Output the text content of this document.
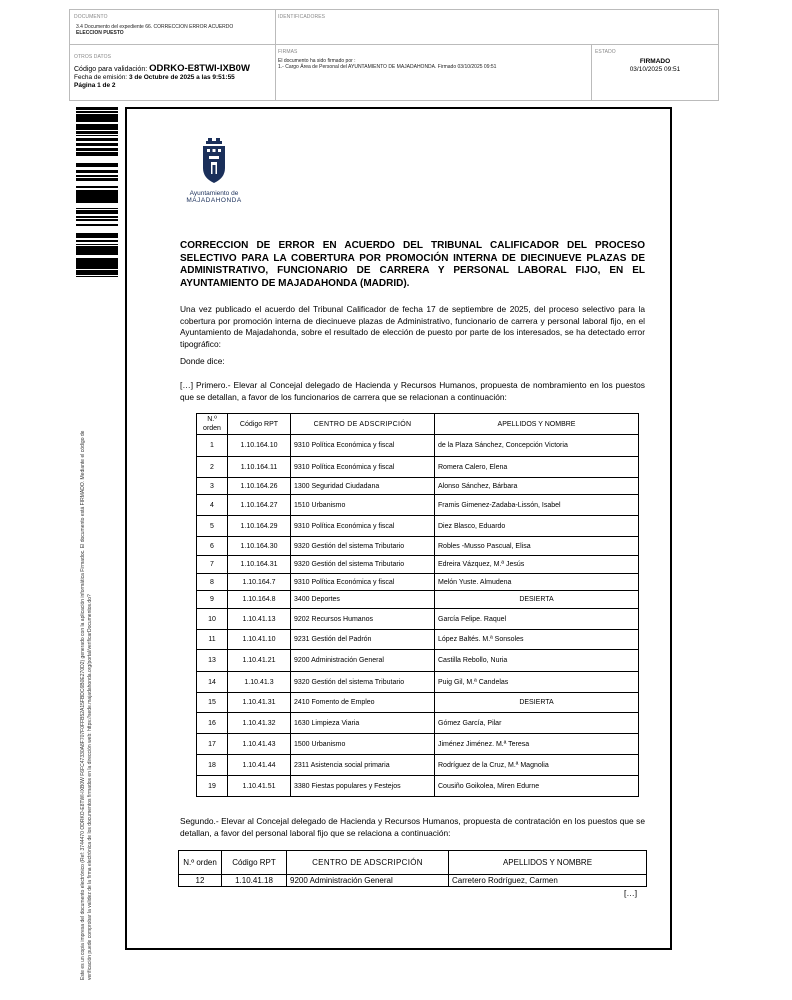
DOCUMENTO
3.4 Documento del expediente 66. CORRECCION ERROR ACUERDO
ELECCION PUESTO
IDENTIFICADORES
OTROS DATOS
Código para validación: ODRKO-E8TWI-IXB0W
Fecha de emisión: 3 de Octubre de 2025 a las 9:51:55
Página 1 de 2
FIRMAS
El documento ha sido firmado por :
1.- Cargo Área de Personal del AYUNTAMIENTO DE MAJADAHONDA. Firmado 03/10/2025 09:51
ESTADO
FIRMADO
03/10/2025 09:51
Este es un copia impresa del documento electrónico (Ref: 3744470 ODRKO-E8TWI-IXB0W F6FC47330A8F707F0FFB52A15FBDC6B0E270D2) generado con la aplicación informática Firmadoc. El documento está FIRMADO. Mediante el código de verificación puede comprobar la validez de la firma electrónica de los documentos firmados en la dirección web: https://sede.majadahonda.org/portal/verificarDocumentos.do?
Ayuntamiento de
MAJADAHONDA
CORRECCION DE ERROR EN ACUERDO DEL TRIBUNAL CALIFICADOR DEL PROCESO SELECTIVO PARA LA COBERTURA POR PROMOCIÓN INTERNA DE DIECINUEVE PLAZAS DE ADMINISTRATIVO, FUNCIONARIO DE CARRERA Y PERSONAL LABORAL FIJO, EN EL AYUNTAMIENTO DE MAJADAHONDA (MADRID).
Una vez publicado el acuerdo del Tribunal Calificador de fecha 17 de septiembre de 2025, del proceso selectivo para la cobertura por promoción interna de diecinueve plazas de Administrativo, funcionario de carrera y personal laboral fijo, en el Ayuntamiento de Majadahonda, sobre el resultado de elección de puesto por parte de los interesados, se ha detectado error tipográfico:
Donde dice:
[…] Primero.- Elevar al Concejal delegado de Hacienda y Recursos Humanos, propuesta de nombramiento en los puestos que se detallan, a favor de los funcionarios de carrera que se relacionan a continuación:
N.º orden	Código RPT	CENTRO DE ADSCRIPCIÓN	APELLIDOS Y NOMBRE
1	1.10.164.10	9310 Política Económica y fiscal	de la Plaza Sánchez, Concepción Victoria
2	1.10.164.11	9310 Política Económica y fiscal	Romera Calero, Elena
3	1.10.164.26	1300 Seguridad Ciudadana	Alonso Sánchez, Bárbara
4	1.10.164.27	1510 Urbanismo	Framis Gimenez-Zadaba-Lissón, Isabel
5	1.10.164.29	9310 Política Económica y fiscal	Diez Blasco, Eduardo
6	1.10.164.30	9320 Gestión del sistema Tributario	Robles -Musso Pascual, Elisa
7	1.10.164.31	9320 Gestión del sistema Tributario	Edreira Vázquez, M.ª Jesús
8	1.10.164.7	9310 Política Económica y fiscal	Melón Yuste. Almudena
9	1.10.164.8	3400 Deportes	DESIERTA
10	1.10.41.13	9202 Recursos Humanos	García Felipe. Raquel
11	1.10.41.10	9231 Gestión del Padrón	López Baltés. M.ª Sonsoles
13	1.10.41.21	9200 Administración General	Castilla Rebollo, Nuria
14	1.10.41.3	9320 Gestión del sistema Tributario	Puig Gil, M.ª Candelas
15	1.10.41.31	2410 Fomento de Empleo	DESIERTA
16	1.10.41.32	1630 Limpieza Viaria	Gómez García, Pilar
17	1.10.41.43	1500 Urbanismo	Jiménez Jiménez. M.ª Teresa
18	1.10.41.44	2311 Asistencia social primaria	Rodríguez de la Cruz, M.ª Magnolia
19	1.10.41.51	3380 Fiestas populares y Festejos	Cousiño Goikolea, Miren Edurne
Segundo.- Elevar al Concejal delegado de Hacienda y Recursos Humanos, propuesta de contratación en los puestos que se detallan, a favor del personal laboral fijo que se relaciona a continuación:
N.º orden	Código RPT	CENTRO DE ADSCRIPCIÓN	APELLIDOS Y NOMBRE
12	1.10.41.18	9200 Administración General	Carretero Rodríguez, Carmen
[…]
